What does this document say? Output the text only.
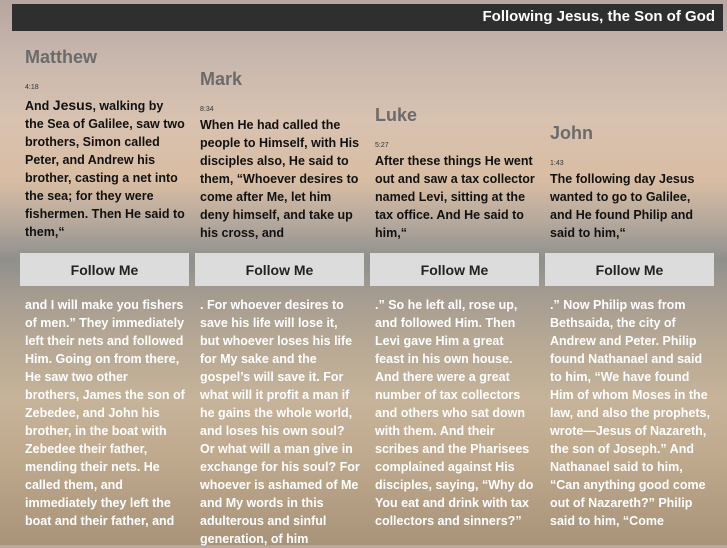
Following Jesus, the Son of God
Matthew
4:18
And Jesus, walking by the Sea of Galilee, saw two brothers, Simon called Peter, and Andrew his brother, casting a net into the sea; for they were fishermen. Then He said to them,“
Follow Me
and I will make you fishers of men.” They immediately left their nets and followed Him. Going on from there, He saw two other brothers, James the son of Zebedee, and John his brother, in the boat with Zebedee their father, mending their nets. He called them, and immediately they left the boat and their father, and
Mark
8:34
When He had called the people to Himself, with His disciples also, He said to them, “Whoever desires to come after Me, let him deny himself, and take up his cross, and
Follow Me
. For whoever desires to save his life will lose it, but whoever loses his life for My sake and the gospel’s will save it. For what will it profit a man if he gains the whole world, and loses his own soul? Or what will a man give in exchange for his soul? For whoever is ashamed of Me and My words in this adulterous and sinful generation, of him
Luke
5:27
After these things He went out and saw a tax collector named Levi, sitting at the tax office. And He said to him,“
Follow Me
.” So he left all, rose up, and followed Him. Then Levi gave Him a great feast in his own house. And there were a great number of tax collectors and others who sat down with them. And their scribes and the Pharisees complained against His disciples, saying, “Why do You eat and drink with tax collectors and sinners?”
John
1:43
The following day Jesus wanted to go to Galilee, and He found Philip and said to him,“
Follow Me
.” Now Philip was from Bethsaida, the city of Andrew and Peter. Philip found Nathanael and said to him, “We have found Him of whom Moses in the law, and also the prophets, wrote—Jesus of Nazareth, the son of Joseph.” And Nathanael said to him, “Can anything good come out of Nazareth?” Philip said to him, “Come
